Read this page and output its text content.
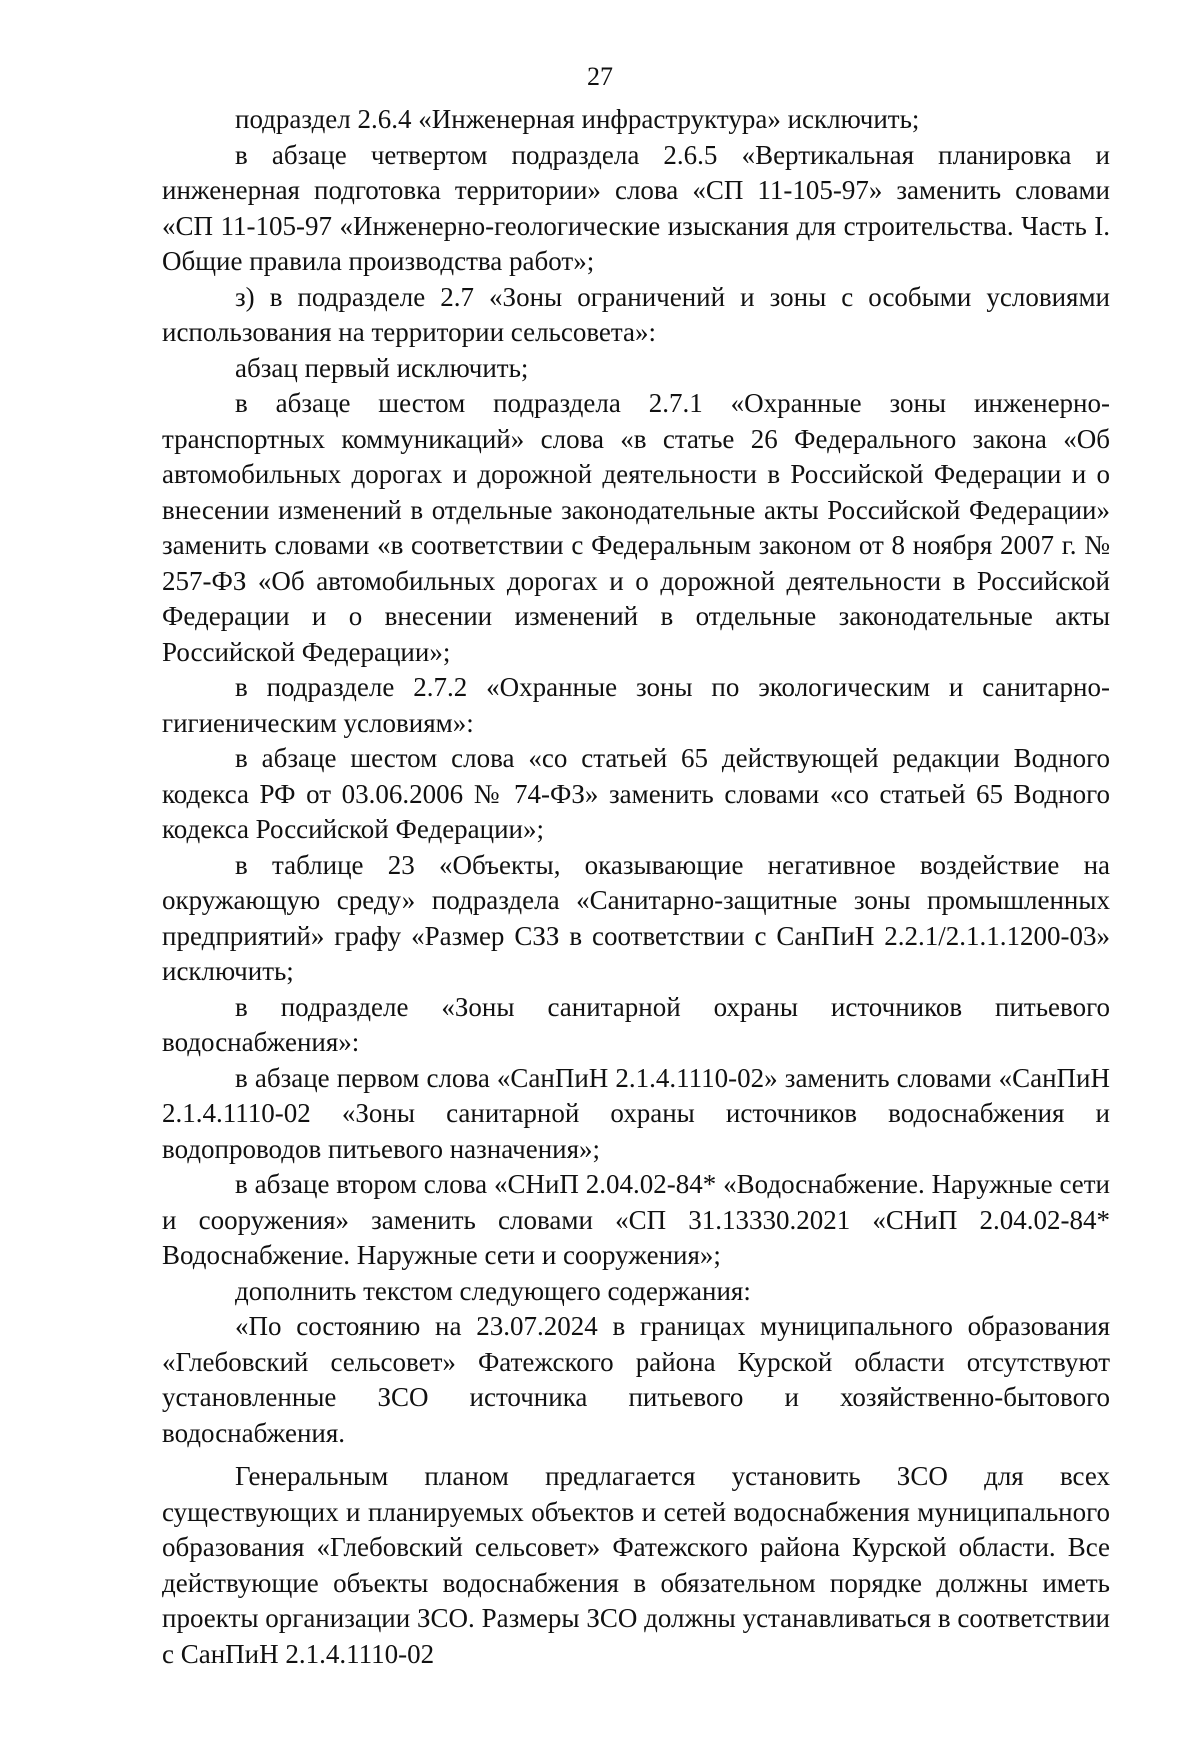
27

подраздел 2.6.4 «Инженерная инфраструктура» исключить;

в абзаце четвертом подраздела 2.6.5 «Вертикальная планировка и инженерная подготовка территории» слова «СП 11-105-97» заменить словами «СП 11-105-97 «Инженерно-геологические изыскания для строительства. Часть I. Общие правила производства работ»;

з) в подразделе 2.7 «Зоны ограничений и зоны с особыми условиями использования на территории сельсовета»:

абзац первый исключить;

в абзаце шестом подраздела 2.7.1 «Охранные зоны инженерно-транспортных коммуникаций» слова «в статье 26 Федерального закона «Об автомобильных дорогах и дорожной деятельности в Российской Федерации и о внесении изменений в отдельные законодательные акты Российской Федерации» заменить словами «в соответствии с Федеральным законом от 8 ноября 2007 г. № 257-ФЗ «Об автомобильных дорогах и о дорожной деятельности в Российской Федерации и о внесении изменений в отдельные законодательные акты Российской Федерации»;

в подразделе 2.7.2 «Охранные зоны по экологическим и санитарно-гигиеническим условиям»:

в абзаце шестом слова «со статьей 65 действующей редакции Водного кодекса РФ от 03.06.2006 № 74-ФЗ» заменить словами «со статьей 65 Водного кодекса Российской Федерации»;

в таблице 23 «Объекты, оказывающие негативное воздействие на окружающую среду» подраздела «Санитарно-защитные зоны промышленных предприятий» графу «Размер СЗЗ в соответствии с СанПиН 2.2.1/2.1.1.1200-03» исключить;

в подразделе «Зоны санитарной охраны источников питьевого водоснабжения»:

в абзаце первом слова «СанПиН 2.1.4.1110-02» заменить словами «СанПиН 2.1.4.1110-02 «Зоны санитарной охраны источников водоснабжения и водопроводов питьевого назначения»;

в абзаце втором слова «СНиП 2.04.02-84* «Водоснабжение. Наружные сети и сооружения» заменить словами «СП 31.13330.2021 «СНиП 2.04.02-84* Водоснабжение. Наружные сети и сооружения»;

дополнить текстом следующего содержания:

«По состоянию на 23.07.2024 в границах муниципального образования «Глебовский сельсовет» Фатежского района Курской области отсутствуют установленные ЗСО источника питьевого и хозяйственно-бытового водоснабжения.

Генеральным планом предлагается установить ЗСО для всех существующих и планируемых объектов и сетей водоснабжения муниципального образования «Глебовский сельсовет» Фатежского района Курской области. Все действующие объекты водоснабжения в обязательном порядке должны иметь проекты организации ЗСО. Размеры ЗСО должны устанавливаться в соответствии с СанПиН 2.1.4.1110-02
